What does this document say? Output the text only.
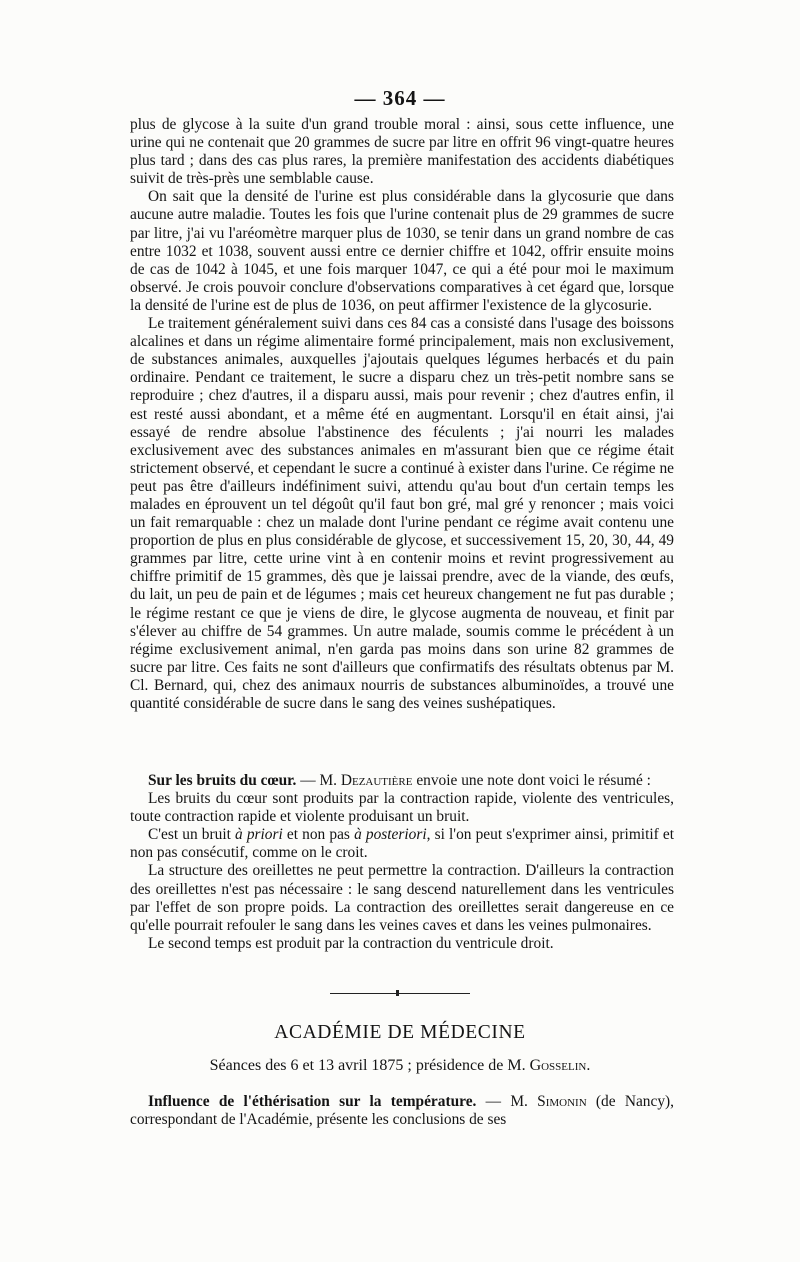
— 364 —

plus de glycose à la suite d'un grand trouble moral : ainsi, sous cette influence, une urine qui ne contenait que 20 grammes de sucre par litre en offrit 96 vingt-quatre heures plus tard ; dans des cas plus rares, la première manifestation des accidents diabétiques suivit de très-près une semblable cause.

On sait que la densité de l'urine est plus considérable dans la glycosurie que dans aucune autre maladie. Toutes les fois que l'urine contenait plus de 29 grammes de sucre par litre, j'ai vu l'aréomètre marquer plus de 1030, se tenir dans un grand nombre de cas entre 1032 et 1038, souvent aussi entre ce dernier chiffre et 1042, offrir ensuite moins de cas de 1042 à 1045, et une fois marquer 1047, ce qui a été pour moi le maximum observé. Je crois pouvoir conclure d'observations comparatives à cet égard que, lorsque la densité de l'urine est de plus de 1036, on peut affirmer l'existence de la glycosurie.

Le traitement généralement suivi dans ces 84 cas a consisté dans l'usage des boissons alcalines et dans un régime alimentaire formé principalement, mais non exclusivement, de substances animales, auxquelles j'ajoutais quelques légumes herbacés et du pain ordinaire. Pendant ce traitement, le sucre a disparu chez un très-petit nombre sans se reproduire ; chez d'autres, il a disparu aussi, mais pour revenir ; chez d'autres enfin, il est resté aussi abondant, et a même été en augmentant. Lorsqu'il en était ainsi, j'ai essayé de rendre absolue l'abstinence des féculents ; j'ai nourri les malades exclusivement avec des substances animales en m'assurant bien que ce régime était strictement observé, et cependant le sucre a continué à exister dans l'urine. Ce régime ne peut pas être d'ailleurs indéfiniment suivi, attendu qu'au bout d'un certain temps les malades en éprouvent un tel dégoût qu'il faut bon gré, mal gré y renoncer ; mais voici un fait remarquable : chez un malade dont l'urine pendant ce régime avait contenu une proportion de plus en plus considérable de glycose, et successivement 15, 20, 30, 44, 49 grammes par litre, cette urine vint à en contenir moins et revint progressivement au chiffre primitif de 15 grammes, dès que je laissai prendre, avec de la viande, des œufs, du lait, un peu de pain et de légumes ; mais cet heureux changement ne fut pas durable ; le régime restant ce que je viens de dire, le glycose augmenta de nouveau, et finit par s'élever au chiffre de 54 grammes. Un autre malade, soumis comme le précédent à un régime exclusivement animal, n'en garda pas moins dans son urine 82 grammes de sucre par litre. Ces faits ne sont d'ailleurs que confirmatifs des résultats obtenus par M. Cl. Bernard, qui, chez des animaux nourris de substances albuminoïdes, a trouvé une quantité considérable de sucre dans le sang des veines sushépatiques.

Sur les bruits du cœur. — M. Dezautière envoie une note dont voici le résumé :

Les bruits du cœur sont produits par la contraction rapide, violente des ventricules, toute contraction rapide et violente produisant un bruit.

C'est un bruit à priori et non pas à posteriori, si l'on peut s'exprimer ainsi, primitif et non pas consécutif, comme on le croit.

La structure des oreillettes ne peut permettre la contraction. D'ailleurs la contraction des oreillettes n'est pas nécessaire : le sang descend naturellement dans les ventricules par l'effet de son propre poids. La contraction des oreillettes serait dangereuse en ce qu'elle pourrait refouler le sang dans les veines caves et dans les veines pulmonaires.

Le second temps est produit par la contraction du ventricule droit.

ACADÉMIE DE MÉDECINE
Séances des 6 et 13 avril 1875 ; présidence de M. Gosselin.

Influence de l'éthérisation sur la température. — M. Simonin (de Nancy), correspondant de l'Académie, présente les conclusions de ses
